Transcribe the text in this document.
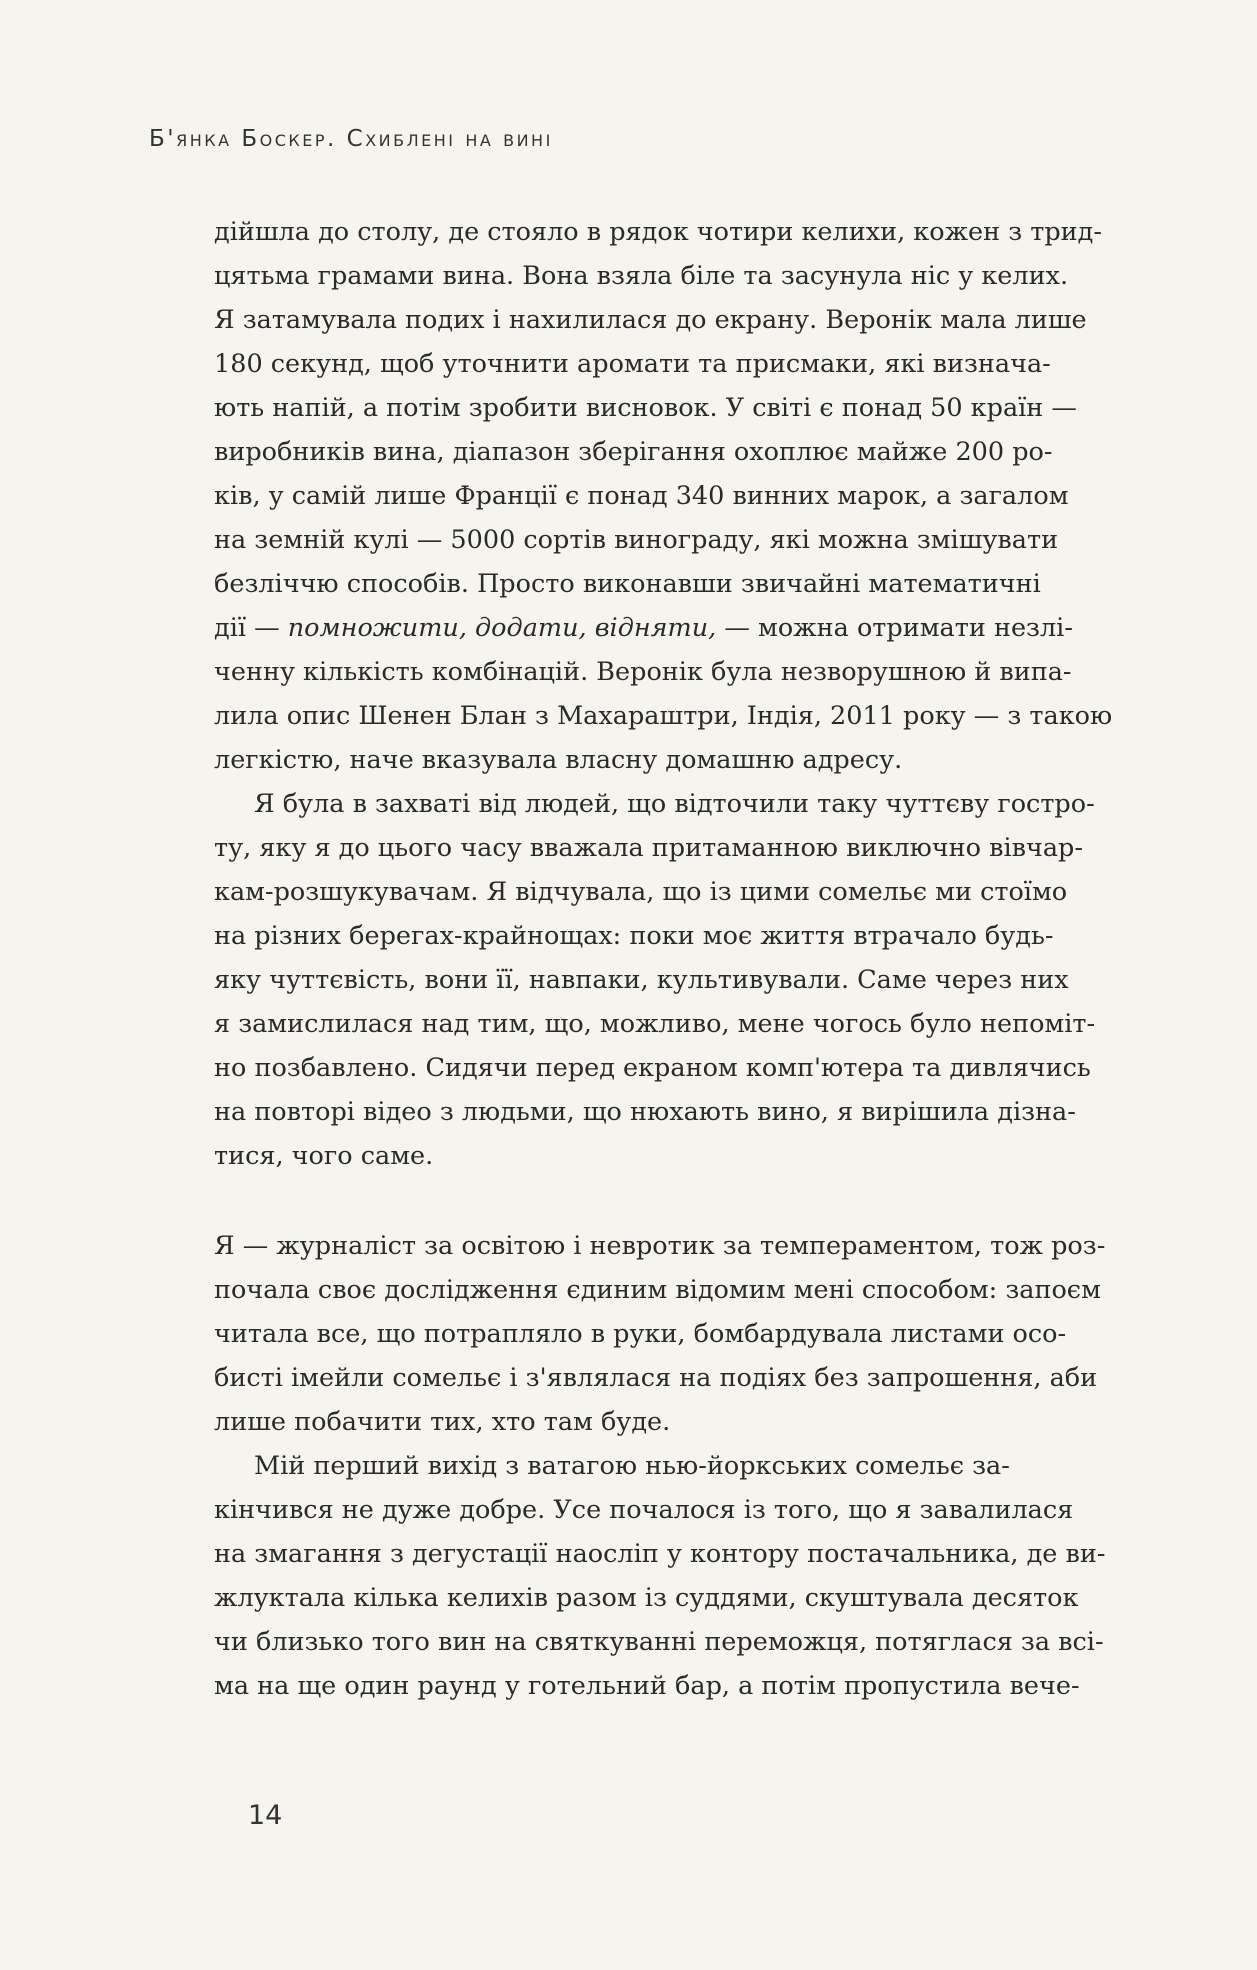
Б'янка Боскер. Схиблені на вині
дійшла до столу, де стояло в рядок чотири келихи, кожен з трид-
цятьма грамами вина. Вона взяла біле та засунула ніс у келих.
Я затамувала подих і нахилилася до екрану. Веронік мала лише
180 секунд, щоб уточнити аромати та присмаки, які визнача-
ють напій, а потім зробити висновок. У світі є понад 50 країн —
виробників вина, діапазон зберігання охоплює майже 200 ро-
ків, у самій лише Франції є понад 340 винних марок, а загалом
на земній кулі — 5000 сортів винограду, які можна змішувати
безліччю способів. Просто виконавши звичайні математичні
дії — помножити, додати, відняти, — можна отримати незлі-
ченну кількість комбінацій. Веронік була незворушною й випа-
лила опис Шенен Блан з Махараштри, Індія, 2011 року — з такою
легкістю, наче вказувала власну домашню адресу.
Я була в захваті від людей, що відточили таку чуттєву гостро-
ту, яку я до цього часу вважала притаманною виключно вівчар-
кам-розшукувачам. Я відчувала, що із цими сомельє ми стоїмо
на різних берегах-крайнощах: поки моє життя втрачало будь-
яку чуттєвість, вони її, навпаки, культивували. Саме через них
я замислилася над тим, що, можливо, мене чогось було непоміт-
но позбавлено. Сидячи перед екраном комп'ютера та дивлячись
на повторі відео з людьми, що нюхають вино, я вирішила дізна-
тися, чого саме.
Я — журналіст за освітою і невротик за темпераментом, тож роз-
почала своє дослідження єдиним відомим мені способом: запоєм
читала все, що потрапляло в руки, бомбардувала листами осо-
бисті імейли сомельє і з'являлася на подіях без запрошення, аби
лише побачити тих, хто там буде.
Мій перший вихід з ватагою нью-йоркських сомельє за-
кінчився не дуже добре. Усе почалося із того, що я завалилася
на змагання з дегустації наосліп у контору постачальника, де ви-
жлуктала кілька келихів разом із суддями, скуштувала десяток
чи близько того вин на святкуванні переможця, потяглася за всі-
ма на ще один раунд у готельний бар, а потім пропустила вече-
14
